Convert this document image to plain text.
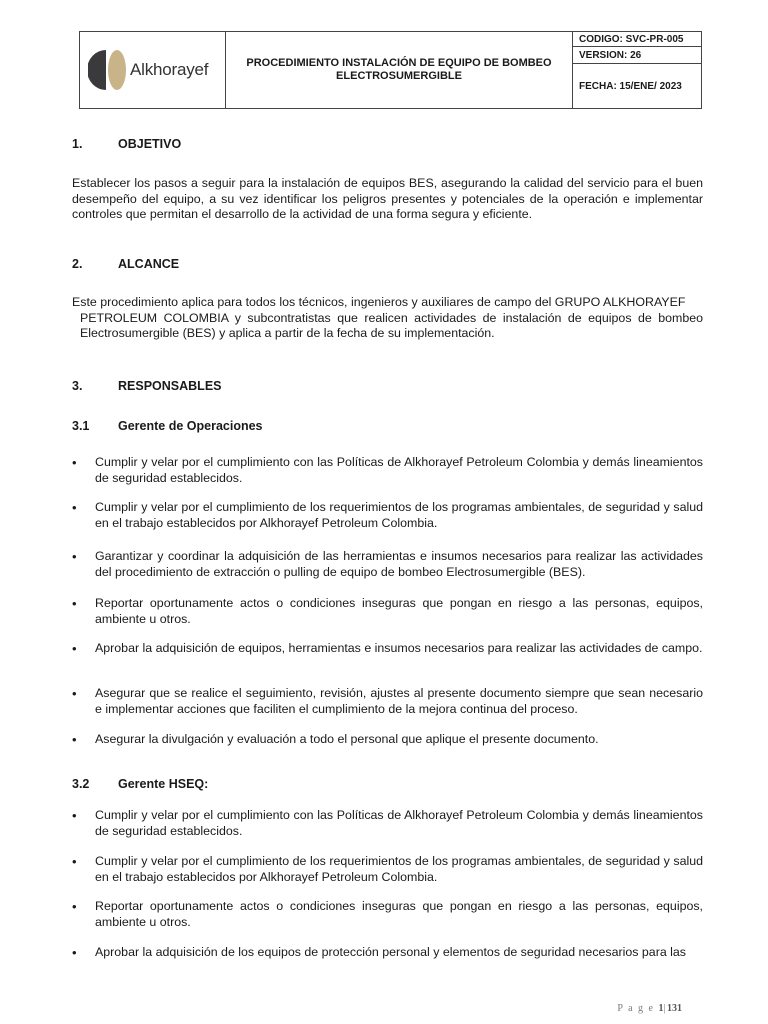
Alkhorayef	PROCEDIMIENTO INSTALACIÓN DE EQUIPO DE BOMBEO ELECTROSUMERGIBLE
CODIGO: SVC-PR-005
VERSION: 26
FECHA: 15/ENE/ 2023
1.	OBJETIVO
Establecer los pasos a seguir para la instalación de equipos BES, asegurando la calidad del servicio para el buen desempeño del equipo, a su vez identificar los peligros presentes y potenciales de la operación e implementar controles que permitan el desarrollo de la actividad de una forma segura y eficiente.
2.	ALCANCE
Este procedimiento aplica para todos los técnicos, ingenieros y auxiliares de campo del GRUPO ALKHORAYEF
PETROLEUM COLOMBIA y subcontratistas que realicen actividades de instalación de equipos de bombeo Electrosumergible (BES) y aplica a partir de la fecha de su implementación.
3.	RESPONSABLES
3.1 Gerente de Operaciones
•	Cumplir y velar por el cumplimiento con las Políticas de Alkhorayef Petroleum Colombia y demás lineamientos de seguridad establecidos.
•	Cumplir y velar por el cumplimiento de los requerimientos de los programas ambientales, de seguridad y salud en el trabajo establecidos por Alkhorayef Petroleum Colombia.
•	Garantizar y coordinar la adquisición de las herramientas e insumos necesarios para realizar las actividades del procedimiento de extracción o pulling de equipo de bombeo Electrosumergible (BES).
•	Reportar oportunamente actos o condiciones inseguras que pongan en riesgo a las personas, equipos, ambiente u otros.
•	Aprobar la adquisición de equipos, herramientas e insumos necesarios para realizar las actividades de campo.
•	Asegurar que se realice el seguimiento, revisión, ajustes al presente documento siempre que sean necesario e implementar acciones que faciliten el cumplimiento de la mejora continua del proceso.
•	Asegurar la divulgación y evaluación a todo el personal que aplique el presente documento.
3.2 Gerente HSEQ:
•	Cumplir y velar por el cumplimiento con las Políticas de Alkhorayef Petroleum Colombia y demás lineamientos de seguridad establecidos.
•	Cumplir y velar por el cumplimiento de los requerimientos de los programas ambientales, de seguridad y salud en el trabajo establecidos por Alkhorayef Petroleum Colombia.
•	Reportar oportunamente actos o condiciones inseguras que pongan en riesgo a las personas, equipos, ambiente u otros.
•	Aprobar la adquisición de los equipos de protección personal y elementos de seguridad necesarios para las
P a g e 1|131
